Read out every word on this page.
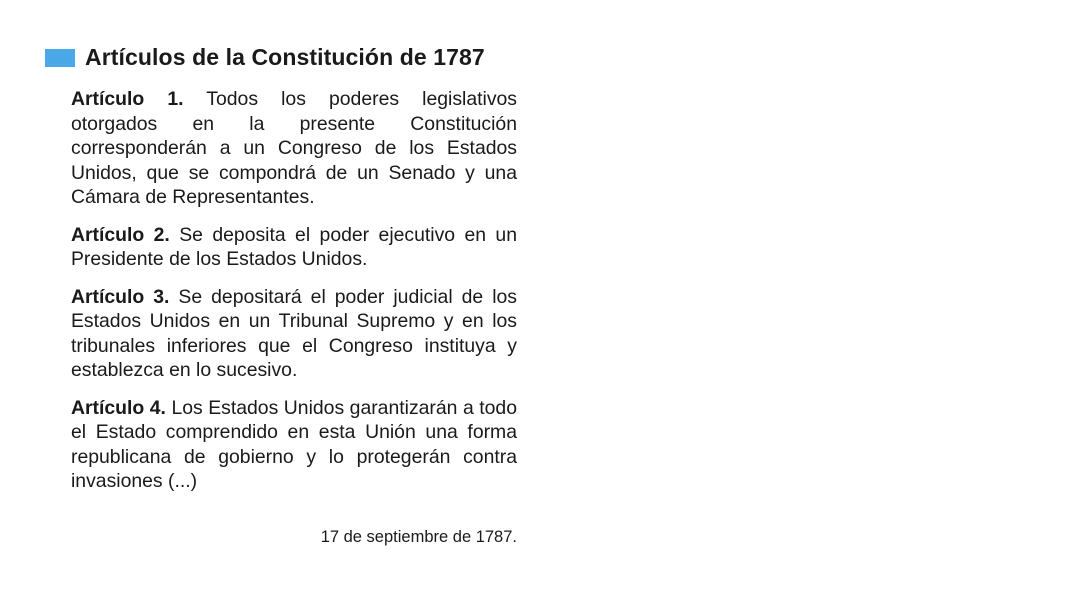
Artículos de la Constitución de 1787

Artículo 1. Todos los poderes legislativos otorgados en la presente Constitución corresponderán a un Congreso de los Estados Unidos, que se compondrá de un Senado y una Cámara de Representantes.

Artículo 2. Se deposita el poder ejecutivo en un Presidente de los Estados Unidos.

Artículo 3. Se depositará el poder judicial de los Estados Unidos en un Tribunal Supremo y en los tribunales inferiores que el Congreso instituya y establezca en lo sucesivo.

Artículo 4. Los Estados Unidos garantizarán a todo el Estado comprendido en esta Unión una forma republicana de gobierno y lo protegerán contra invasiones (...)

17 de septiembre de 1787.
